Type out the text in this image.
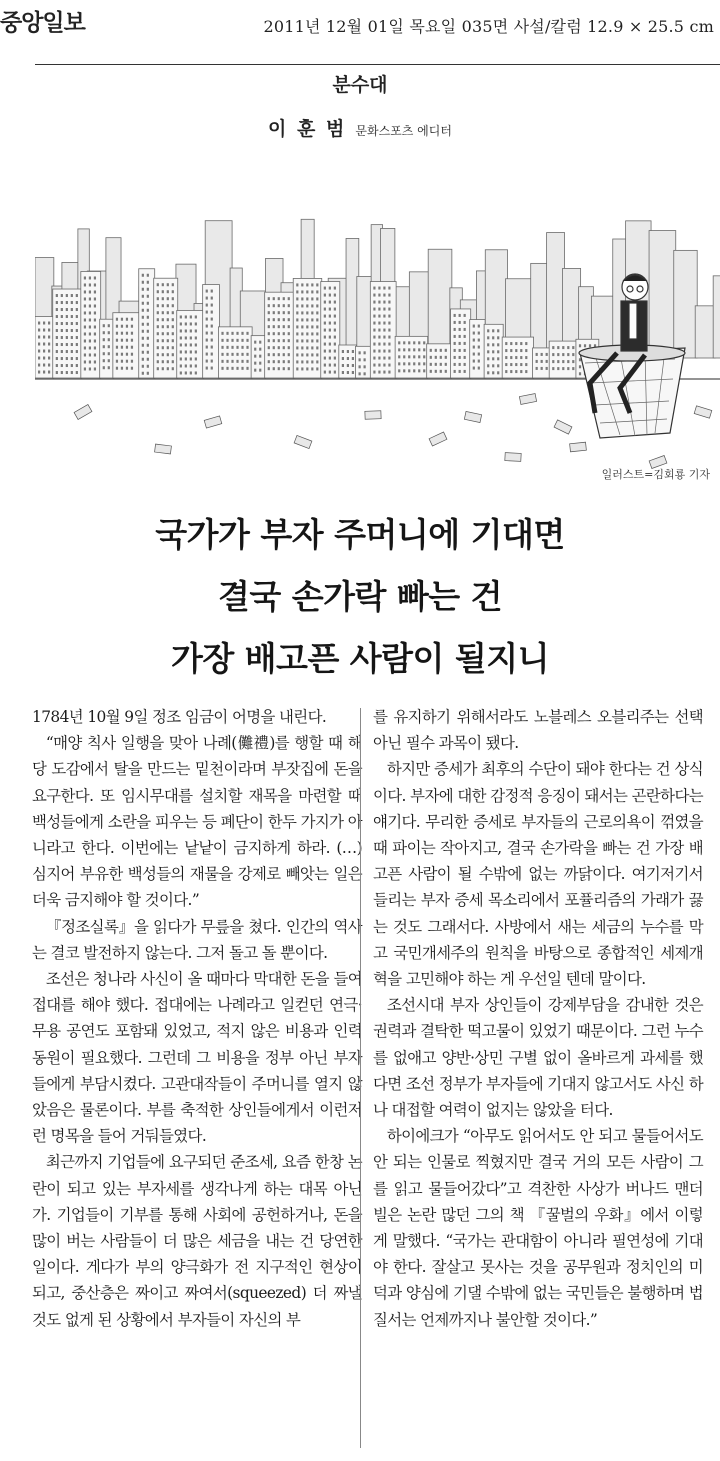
중앙일보	2011년 12월 01일 목요일 035면 사설/칼럼 12.9 × 25.5 cm
분수대
이 훈 범 문화스포츠 에디터
일러스트=김회룡 기자
국가가 부자 주머니에 기대면
결국 손가락 빠는 건
가장 배고픈 사람이 될지니

1784년 10월 9일 정조 임금이 어명을 내린다.

“매양 칙사 일행을 맞아 나례(儺禮)를 행할 때 해당 도감에서 탈을 만드는 밑천이라며 부잣집에 돈을 요구한다. 또 임시무대를 설치할 재목을 마련할 때 백성들에게 소란을 피우는 등 폐단이 한두 가지가 아니라고 한다. 이번에는 낱낱이 금지하게 하라. (…) 심지어 부유한 백성들의 재물을 강제로 빼앗는 일은 더욱 금지해야 할 것이다.”

『정조실록』을 읽다가 무릎을 쳤다. 인간의 역사는 결코 발전하지 않는다. 그저 돌고 돌 뿐이다.

조선은 청나라 사신이 올 때마다 막대한 돈을 들여 접대를 해야 했다. 접대에는 나례라고 일컫던 연극·무용 공연도 포함돼 있었고, 적지 않은 비용과 인력 동원이 필요했다. 그런데 그 비용을 정부 아닌 부자들에게 부담시켰다. 고관대작들이 주머니를 열지 않았음은 물론이다. 부를 축적한 상인들에게서 이런저런 명목을 들어 거둬들였다.

최근까지 기업들에 요구되던 준조세, 요즘 한창 논란이 되고 있는 부자세를 생각나게 하는 대목 아닌가. 기업들이 기부를 통해 사회에 공헌하거나, 돈을 많이 버는 사람들이 더 많은 세금을 내는 건 당연한 일이다. 게다가 부의 양극화가 전 지구적인 현상이 되고, 중산층은 짜이고 짜여서(squeezed) 더 짜낼 것도 없게 된 상황에서 부자들이 자신의 부

를 유지하기 위해서라도 노블레스 오블리주는 선택 아닌 필수 과목이 됐다.

하지만 증세가 최후의 수단이 돼야 한다는 건 상식이다. 부자에 대한 감정적 응징이 돼서는 곤란하다는 얘기다. 무리한 증세로 부자들의 근로의욕이 꺾였을 때 파이는 작아지고, 결국 손가락을 빠는 건 가장 배고픈 사람이 될 수밖에 없는 까닭이다. 여기저기서 들리는 부자 증세 목소리에서 포퓰리즘의 가래가 끓는 것도 그래서다. 사방에서 새는 세금의 누수를 막고 국민개세주의 원칙을 바탕으로 종합적인 세제개혁을 고민해야 하는 게 우선일 텐데 말이다.

조선시대 부자 상인들이 강제부담을 감내한 것은 권력과 결탁한 떡고물이 있었기 때문이다. 그런 누수를 없애고 양반·상민 구별 없이 올바르게 과세를 했다면 조선 정부가 부자들에 기대지 않고서도 사신 하나 대접할 여력이 없지는 않았을 터다.

하이에크가 “아무도 읽어서도 안 되고 물들어서도 안 되는 인물로 찍혔지만 결국 거의 모든 사람이 그를 읽고 물들어갔다”고 격찬한 사상가 버나드 맨더빌은 논란 많던 그의 책 『꿀벌의 우화』에서 이렇게 말했다. “국가는 관대함이 아니라 필연성에 기대야 한다. 잘살고 못사는 것을 공무원과 정치인의 미덕과 양심에 기댈 수밖에 없는 국민들은 불행하며 법질서는 언제까지나 불안할 것이다.”
